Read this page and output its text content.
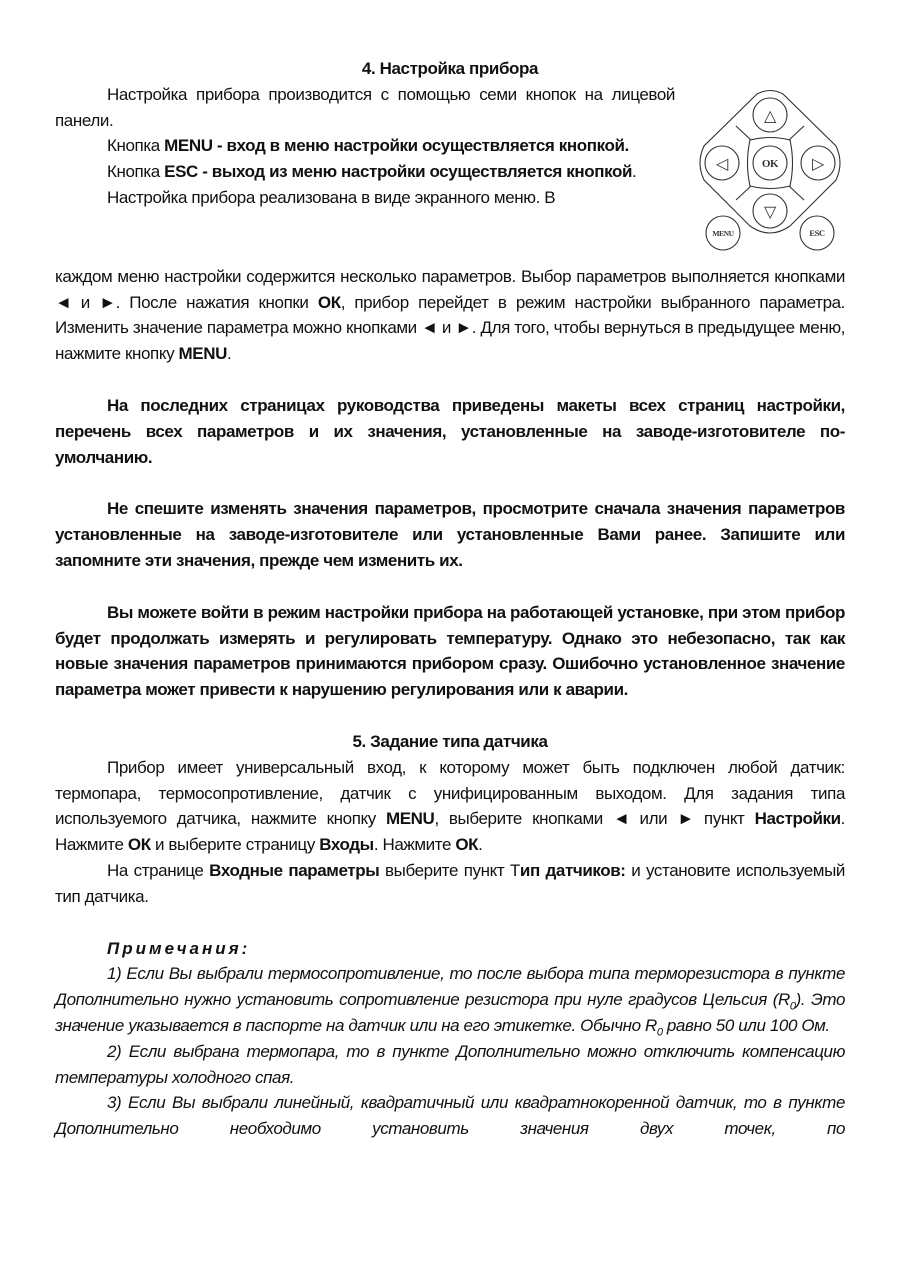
4. Настройка прибора

△
◁	OK ▷
▽
MENU	ESC

Настройка прибора производится с помощью семи кнопок на лицевой панели.

Кнопка MENU - вход в меню настройки осуществляется кнопкой.

Кнопка ESC - выход из меню настройки осуществляется кнопкой.

Настройка прибора реализована в виде экранного меню. В

каждом меню настройки содержится несколько параметров. Выбор параметров выполняется кнопками ◄ и ►. После нажатия кнопки ОК, прибор перейдет в режим настройки выбранного параметра. Изменить значение параметра можно кнопками ◄ и ►. Для того, чтобы вернуться в предыдущее меню, нажмите кнопку MENU.

На последних страницах руководства приведены макеты всех страниц настройки, перечень всех параметров и их значения, установленные на заводе-изготовителе по-умолчанию.

Не спешите изменять значения параметров, просмотрите сначала значения параметров установленные на заводе-изготовителе или установленные Вами ранее. Запишите или запомните эти значения, прежде чем изменить их.

Вы можете войти в режим настройки прибора на работающей установке, при этом прибор будет продолжать измерять и регулировать температуру. Однако это небезопасно, так как новые значения параметров принимаются прибором сразу. Ошибочно установленное значение параметра может привести к нарушению регулирования или к аварии.

5. Задание типа датчика

Прибор имеет универсальный вход, к которому может быть подключен любой датчик: термопара, термосопротивление, датчик с унифицированным выходом. Для задания типа используемого датчика, нажмите кнопку MENU, выберите кнопками ◄ или ► пункт Настройки. Нажмите ОК и выберите страницу Входы. Нажмите ОК.

На странице Входные параметры выберите пункт Тип датчиков: и установите используемый тип датчика.

Примечания:

1) Если Вы выбрали термосопротивление, то после выбора типа терморезистора в пункте Дополнительно нужно установить сопротивление резистора при нуле градусов Цельсия $(R_0)$. Это значение указывается в паспорте на датчик или на его этикетке. Обычно $R_0$ равно 50 или 100 Ом.

2) Если выбрана термопара, то в пункте Дополнительно можно отключить компенсацию температуры холодного спая.

3) Если Вы выбрали линейный, квадратичный или квадратнокоренной датчик, то в пункте Дополнительно необходимо установить значения двух точек, по
